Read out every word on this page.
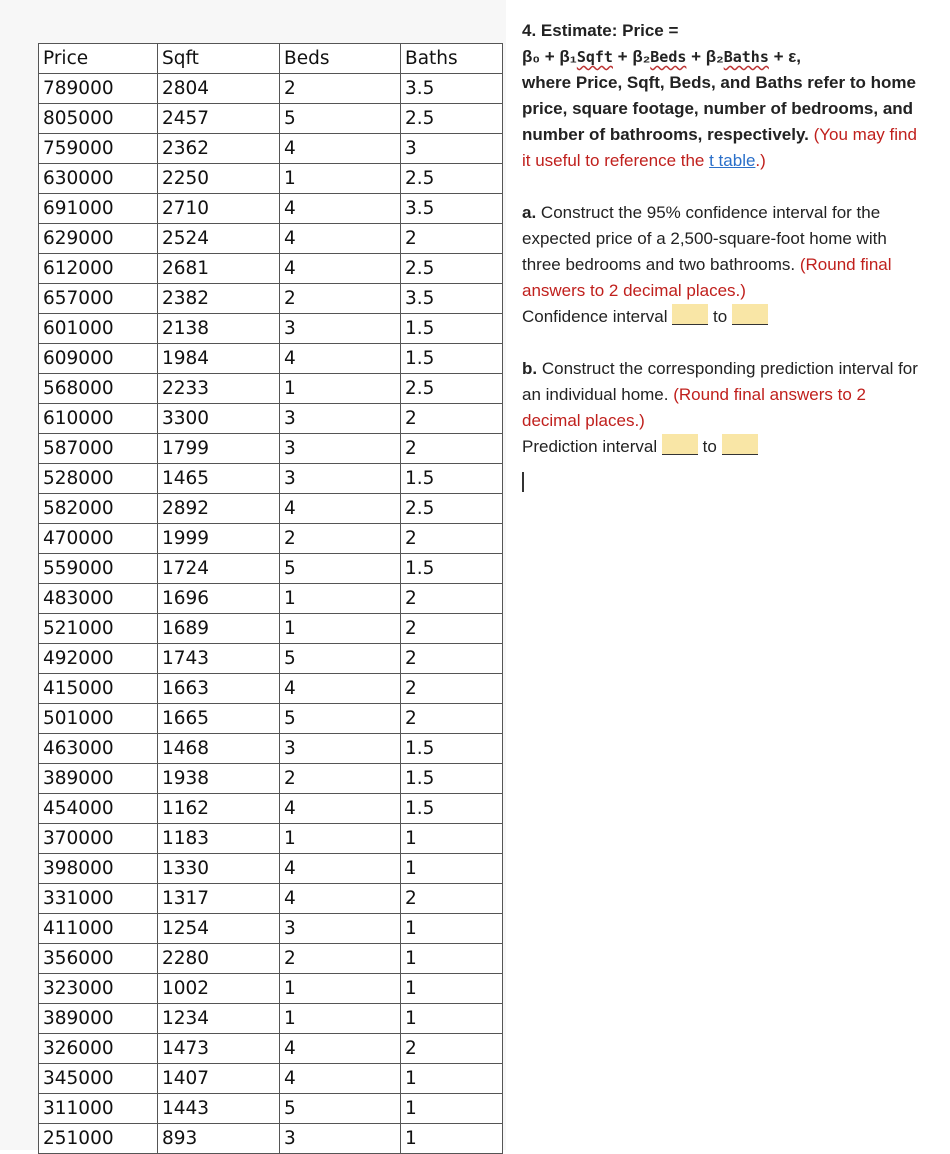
Price	Sqft	Beds	Baths
789000	2804	2	3.5
805000	2457	5	2.5
759000	2362	4	3
630000	2250	1	2.5
691000	2710	4	3.5
629000	2524	4	2
612000	2681	4	2.5
657000	2382	2	3.5
601000	2138	3	1.5
609000	1984	4	1.5
568000	2233	1	2.5
610000	3300	3	2
587000	1799	3	2
528000	1465	3	1.5
582000	2892	4	2.5
470000	1999	2	2
559000	1724	5	1.5
483000	1696	1	2
521000	1689	1	2
492000	1743	5	2
415000	1663	4	2
501000	1665	5	2
463000	1468	3	1.5
389000	1938	2	1.5
454000	1162	4	1.5
370000	1183	1	1
398000	1330	4	1
331000	1317	4	2
411000	1254	3	1
356000	2280	2	1
323000	1002	1	1
389000	1234	1	1
326000	1473	4	2
345000	1407	4	1
311000	1443	5	1
251000	893	3	1
4. Estimate: Price =
β₀ + β₁Sqft + β₂Beds + β₂Baths + ε,
where Price, Sqft, Beds, and Baths refer to home price, square footage, number of bedrooms, and number of bathrooms, respectively. (You may find it useful to reference the t table.)
a. Construct the 95% confidence interval for the expected price of a 2,500-square-foot home with three bedrooms and two bathrooms. (Round final answers to 2 decimal places.)
Confidence interval	to
b. Construct the corresponding prediction interval for an individual home. (Round final answers to 2 decimal places.)
Prediction interval	to
